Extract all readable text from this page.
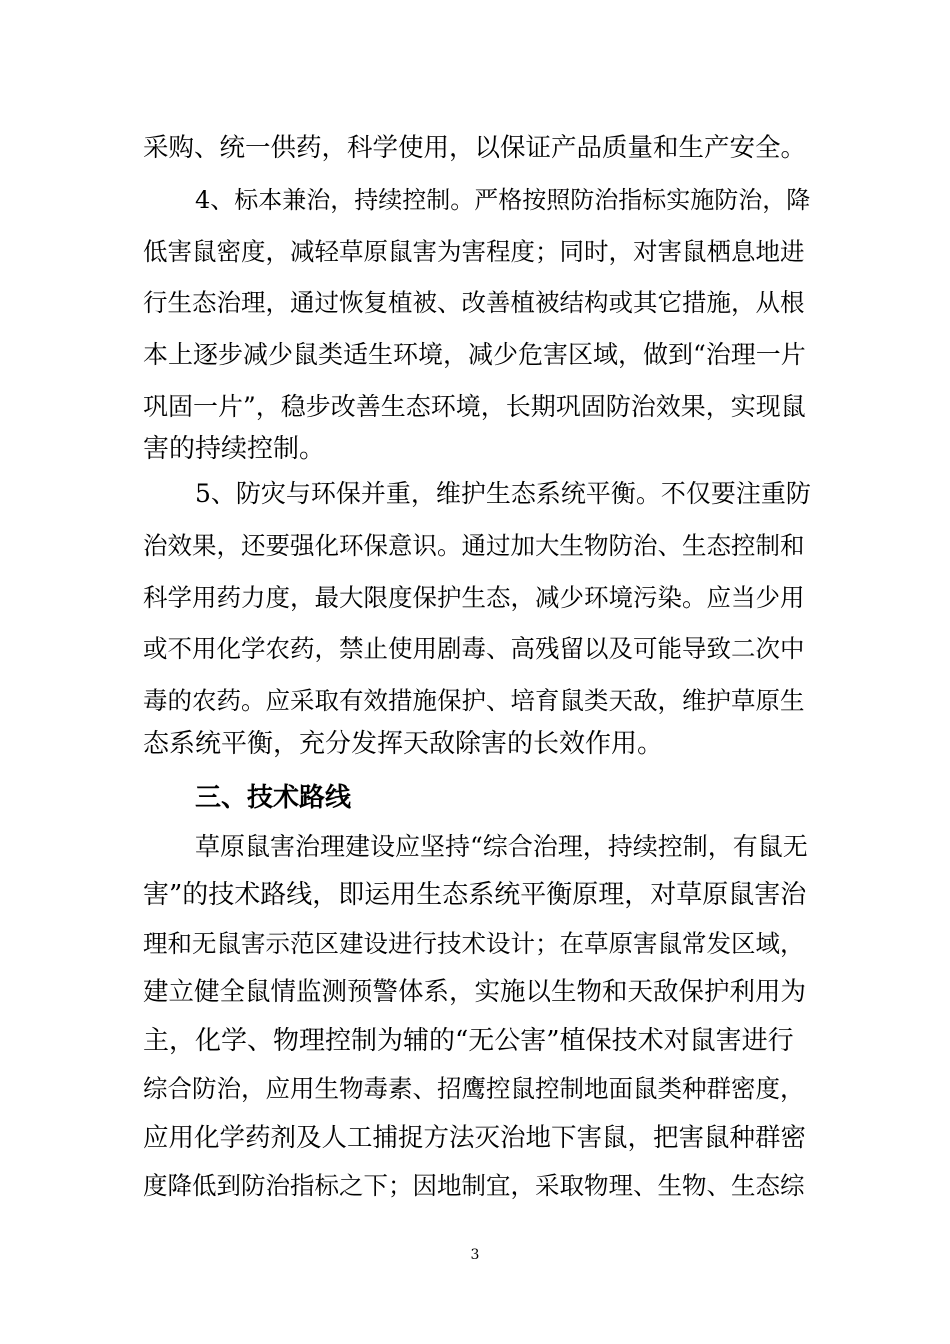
采购、统一供药，科学使用，以保证产品质量和生产安全。

4、标本兼治，持续控制。严格按照防治指标实施防治，降

低害鼠密度，减轻草原鼠害为害程度；同时，对害鼠栖息地进

行生态治理，通过恢复植被、改善植被结构或其它措施，从根

本上逐步减少鼠类适生环境，减少危害区域，做到“治理一片

巩固一片”，稳步改善生态环境，长期巩固防治效果，实现鼠

害的持续控制。

5、防灾与环保并重，维护生态系统平衡。不仅要注重防

治效果，还要强化环保意识。通过加大生物防治、生态控制和

科学用药力度，最大限度保护生态，减少环境污染。应当少用

或不用化学农药，禁止使用剧毒、高残留以及可能导致二次中

毒的农药。应采取有效措施保护、培育鼠类天敌，维护草原生

态系统平衡，充分发挥天敌除害的长效作用。

三、技术路线

草原鼠害治理建设应坚持“综合治理，持续控制，有鼠无

害”的技术路线，即运用生态系统平衡原理，对草原鼠害治

理和无鼠害示范区建设进行技术设计；在草原害鼠常发区域，

建立健全鼠情监测预警体系，实施以生物和天敌保护利用为

主，化学、物理控制为辅的“无公害”植保技术对鼠害进行

综合防治，应用生物毒素、招鹰控鼠控制地面鼠类种群密度，

应用化学药剂及人工捕捉方法灭治地下害鼠，把害鼠种群密

度降低到防治指标之下；因地制宜，采取物理、生物、生态综

3
